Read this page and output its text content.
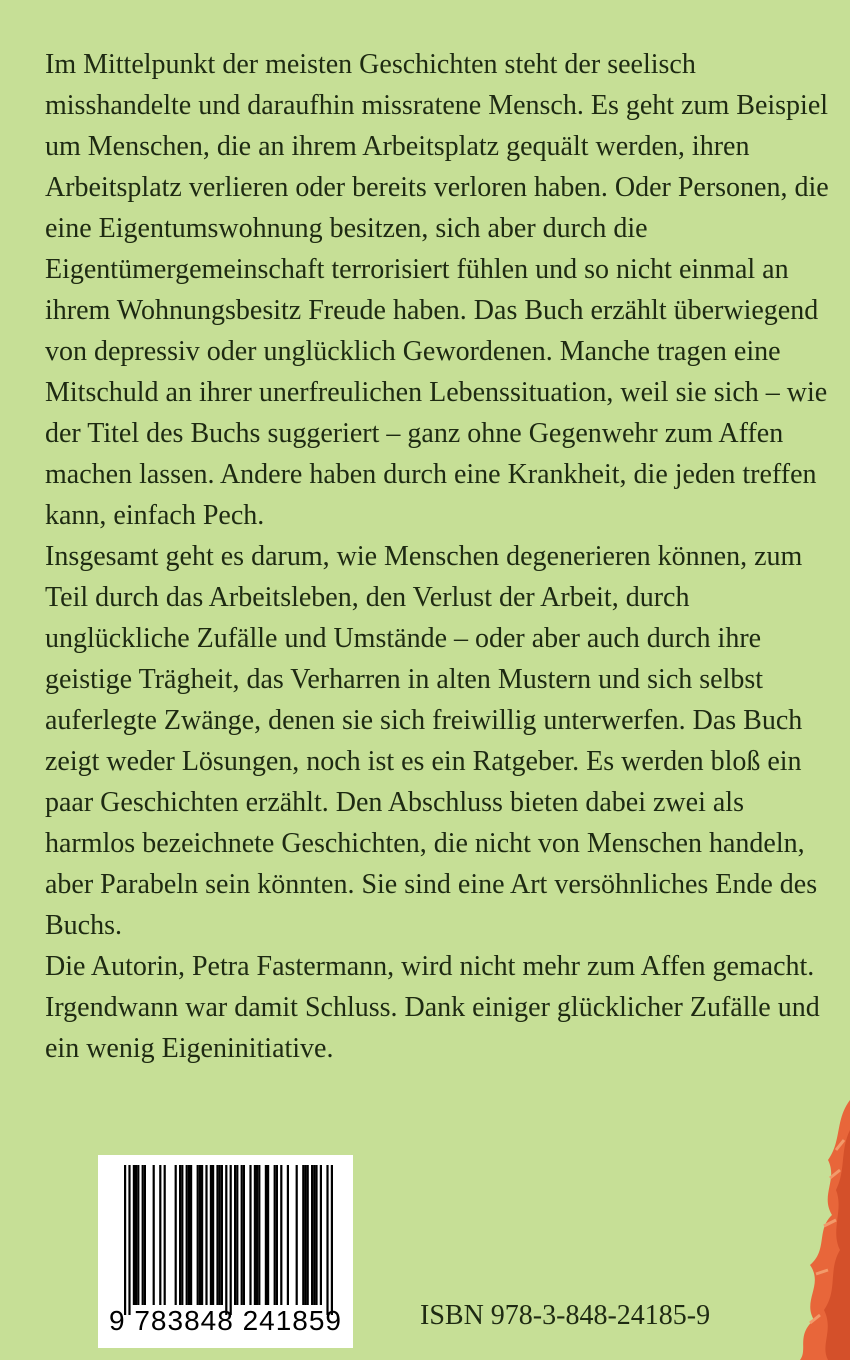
Im Mittelpunkt der meisten Geschichten steht der seelisch misshandelte und daraufhin missratene Mensch. Es geht zum Beispiel um Menschen, die an ihrem Arbeitsplatz gequält werden, ihren Arbeitsplatz verlieren oder bereits verloren haben. Oder Personen, die eine Eigentumswohnung besitzen, sich aber durch die Eigentümergemeinschaft terrorisiert fühlen und so nicht einmal an ihrem Wohnungsbesitz Freude haben. Das Buch erzählt überwiegend von depressiv oder unglücklich Gewordenen. Manche tragen eine Mitschuld an ihrer unerfreulichen Lebenssituation, weil sie sich – wie der Titel des Buchs suggeriert – ganz ohne Gegenwehr zum Affen machen lassen. Andere haben durch eine Krankheit, die jeden treffen kann, einfach Pech.

Insgesamt geht es darum, wie Menschen degenerieren können, zum Teil durch das Arbeitsleben, den Verlust der Arbeit, durch unglückliche Zufälle und Umstände – oder aber auch durch ihre geistige Trägheit, das Verharren in alten Mustern und sich selbst auferlegte Zwänge, denen sie sich freiwillig unterwerfen. Das Buch zeigt weder Lösungen, noch ist es ein Ratgeber. Es werden bloß ein paar Geschichten erzählt. Den Abschluss bieten dabei zwei als harmlos bezeichnete Geschichten, die nicht von Menschen handeln, aber Parabeln sein könnten. Sie sind eine Art versöhnliches Ende des Buchs.

Die Autorin, Petra Fastermann, wird nicht mehr zum Affen gemacht. Irgendwann war damit Schluss. Dank einiger glücklicher Zufälle und ein wenig Eigeninitiative.

9 783848 241859	ISBN 978-3-848-24185-9
